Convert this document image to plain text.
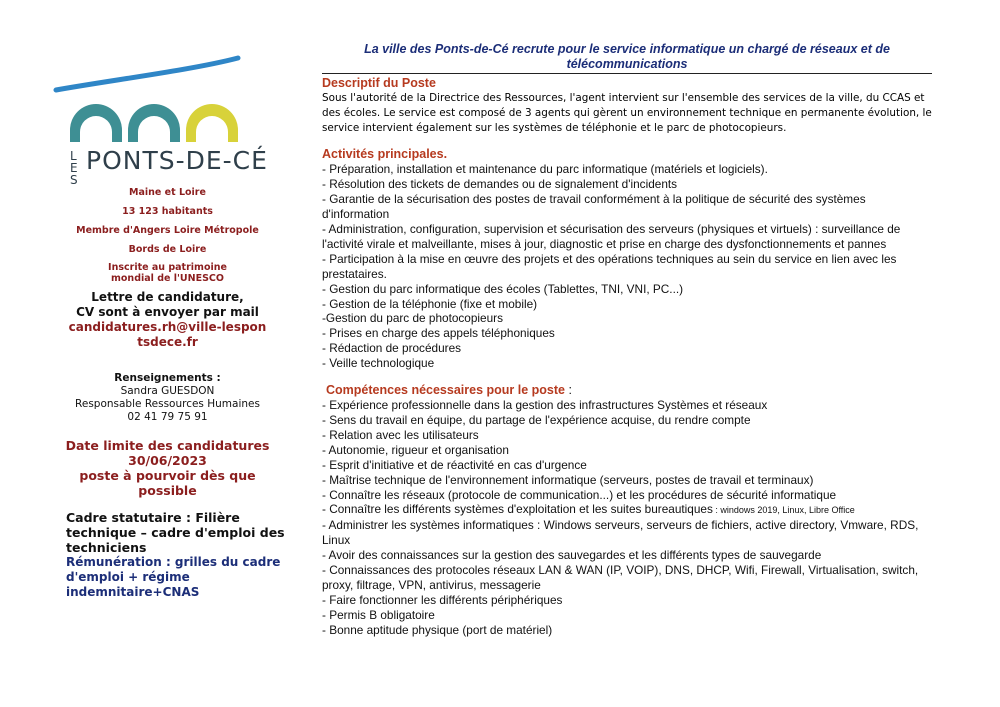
LES
PONTS-DE-CÉ
Maine et Loire
13 123 habitants
Membre d'Angers Loire Métropole
Bords de Loire
Inscrite au patrimoine mondial de l'UNESCO
Lettre de candidature,
CV sont à envoyer par mail
candidatures.rh@ville-lespontsdece.fr
Renseignements :
Sandra GUESDON
Responsable Ressources Humaines
02 41 79 75 91
Date limite des candidatures
30/06/2023
poste à pourvoir dès que possible
Cadre statutaire : Filière technique – cadre d'emploi des techniciens
Rémunération : grilles du cadre d'emploi + régime indemnitaire+CNAS
La ville des Ponts-de-Cé recrute pour le service informatique un chargé de réseaux et de télécommunications
Descriptif du Poste
Sous l'autorité de la Directrice des Ressources, l'agent intervient sur l'ensemble des services de la ville, du CCAS et des écoles. Le service est composé de 3 agents qui gèrent un environnement technique en permanente évolution, le service intervient également sur les systèmes de téléphonie et le parc de photocopieurs.
Activités principales.
- Préparation, installation et maintenance du parc informatique (matériels et logiciels).
- Résolution des tickets de demandes ou de signalement d'incidents
- Garantie de la sécurisation des postes de travail conformément à la politique de sécurité des systèmes d'information
- Administration, configuration, supervision et sécurisation des serveurs (physiques et virtuels) : surveillance de l'activité virale et malveillante, mises à jour, diagnostic et prise en charge des dysfonctionnements et pannes
- Participation à la mise en œuvre des projets et des opérations techniques au sein du service en lien avec les prestataires.
- Gestion du parc informatique des écoles (Tablettes, TNI, VNI, PC...)
- Gestion de la téléphonie (fixe et mobile)
-Gestion du parc de photocopieurs
- Prises en charge des appels téléphoniques
- Rédaction de procédures
- Veille technologique
Compétences nécessaires pour le poste :
- Expérience professionnelle dans la gestion des infrastructures Systèmes et réseaux
- Sens du travail en équipe, du partage de l'expérience acquise, du rendre compte
- Relation avec les utilisateurs
- Autonomie, rigueur et organisation
- Esprit d'initiative et de réactivité en cas d'urgence
- Maîtrise technique de l'environnement informatique (serveurs, postes de travail et terminaux)
- Connaître les réseaux (protocole de communication...) et les procédures de sécurité informatique
- Connaître les différents systèmes d'exploitation et les suites bureautiques : windows 2019, Linux, Libre Office
- Administrer les systèmes informatiques : Windows serveurs, serveurs de fichiers, active directory, Vmware, RDS, Linux
- Avoir des connaissances sur la gestion des sauvegardes et les différents types de sauvegarde
- Connaissances des protocoles réseaux LAN & WAN (IP, VOIP), DNS, DHCP, Wifi, Firewall, Virtualisation, switch, proxy, filtrage, VPN, antivirus, messagerie
- Faire fonctionner les différents périphériques
- Permis B obligatoire
- Bonne aptitude physique (port de matériel)
